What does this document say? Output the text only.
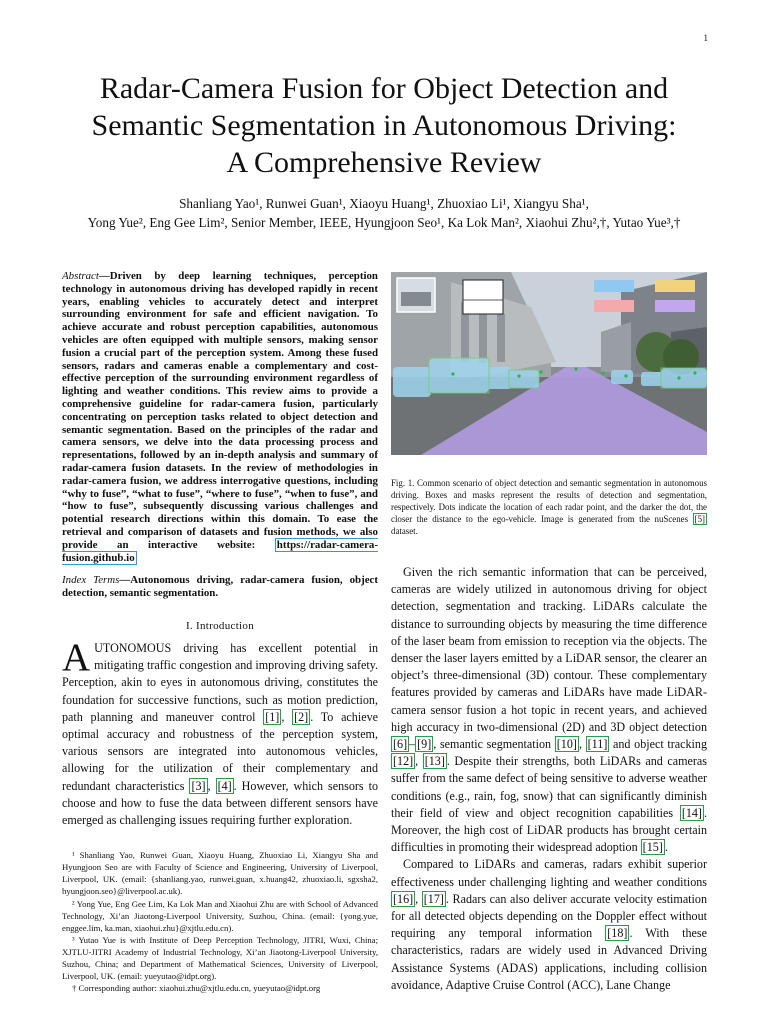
1
Radar-Camera Fusion for Object Detection and
Semantic Segmentation in Autonomous Driving:
A Comprehensive Review
Shanliang Yao¹, Runwei Guan¹, Xiaoyu Huang¹, Zhuoxiao Li¹, Xiangyu Sha¹,
Yong Yue², Eng Gee Lim², Senior Member, IEEE, Hyungjoon Seo¹, Ka Lok Man², Xiaohui Zhu²,†, Yutao Yue³,†

Abstract—Driven by deep learning techniques, perception technology in autonomous driving has developed rapidly in recent years, enabling vehicles to accurately detect and interpret surrounding environment for safe and efficient navigation. To achieve accurate and robust perception capabilities, autonomous vehicles are often equipped with multiple sensors, making sensor fusion a crucial part of the perception system. Among these fused sensors, radars and cameras enable a complementary and cost-effective perception of the surrounding environment regardless of lighting and weather conditions. This review aims to provide a comprehensive guideline for radar-camera fusion, particularly concentrating on perception tasks related to object detection and semantic segmentation. Based on the principles of the radar and camera sensors, we delve into the data processing process and representations, followed by an in-depth analysis and summary of radar-camera fusion datasets. In the review of methodologies in radar-camera fusion, we address interrogative questions, including “why to fuse”, “what to fuse”, “where to fuse”, “when to fuse”, and “how to fuse”, subsequently discussing various challenges and potential research directions within this domain. To ease the retrieval and comparison of datasets and fusion methods, we also provide an interactive website: https://radar-camera-fusion.github.io

Index Terms—Autonomous driving, radar-camera fusion, object detection, semantic segmentation.

I. Introduction

AUTONOMOUS driving has excellent potential in mitigating traffic congestion and improving driving safety. Perception, akin to eyes in autonomous driving, constitutes the foundation for successive functions, such as motion prediction, path planning and maneuver control [1] , [2] . To achieve optimal accuracy and robustness of the perception system, various sensors are integrated into autonomous vehicles, allowing for the utilization of their complementary and redundant characteristics [3] , [4] . However, which sensors to choose and how to fuse the data between different sensors have emerged as challenging issues requiring further exploration.

¹ Shanliang Yao, Runwei Guan, Xiaoyu Huang, Zhuoxiao Li, Xiangyu Sha and Hyungjoon Seo are with Faculty of Science and Engineering, University of Liverpool, Liverpool, UK. (email: {shanliang.yao, runwei.guan, x.huang42, zhuoxiao.li, sgxsha2, hyungjoon.seo}@liverpool.ac.uk).

² Yong Yue, Eng Gee Lim, Ka Lok Man and Xiaohui Zhu are with School of Advanced Technology, Xi’an Jiaotong-Liverpool University, Suzhou, China. (email: {yong.yue, enggee.lim, ka.man, xiaohui.zhu}@xjtlu.edu.cn).

³ Yutao Yue is with Institute of Deep Perception Technology, JITRI, Wuxi, China; XJTLU-JITRI Academy of Industrial Technology, Xi’an Jiaotong-Liverpool University, Suzhou, China; and Department of Mathematical Sciences, University of Liverpool, Liverpool, UK. (email: yueyutao@idpt.org).

† Corresponding author: xiaohui.zhu@xjtlu.edu.cn, yueyutao@idpt.org

Fig. 1. Common scenario of object detection and semantic segmentation in autonomous driving. Boxes and masks represent the results of detection and segmentation, respectively. Dots indicate the location of each radar point, and the darker the dot, the closer the distance to the ego-vehicle. Image is generated from the nuScenes [5] dataset.

Given the rich semantic information that can be perceived, cameras are widely utilized in autonomous driving for object detection, segmentation and tracking. LiDARs calculate the distance to surrounding objects by measuring the time difference of the laser beam from emission to reception via the objects. The denser the laser layers emitted by a LiDAR sensor, the clearer an object’s three-dimensional (3D) contour. These complementary features provided by cameras and LiDARs have made LiDAR-camera sensor fusion a hot topic in recent years, and achieved high accuracy in two-dimensional (2D) and 3D object detection [6] – [9] , semantic segmentation [10] , [11] and object tracking [12] , [13] . Despite their strengths, both LiDARs and cameras suffer from the same defect of being sensitive to adverse weather conditions (e.g., rain, fog, snow) that can significantly diminish their field of view and object recognition capabilities [14] . Moreover, the high cost of LiDAR products has brought certain difficulties in promoting their widespread adoption [15] .

Compared to LiDARs and cameras, radars exhibit superior effectiveness under challenging lighting and weather conditions [16] , [17] . Radars can also deliver accurate velocity estimation for all detected objects depending on the Doppler effect without requiring any temporal information [18] . With these characteristics, radars are widely used in Advanced Driving Assistance Systems (ADAS) applications, including collision avoidance, Adaptive Cruise Control (ACC), Lane Change
